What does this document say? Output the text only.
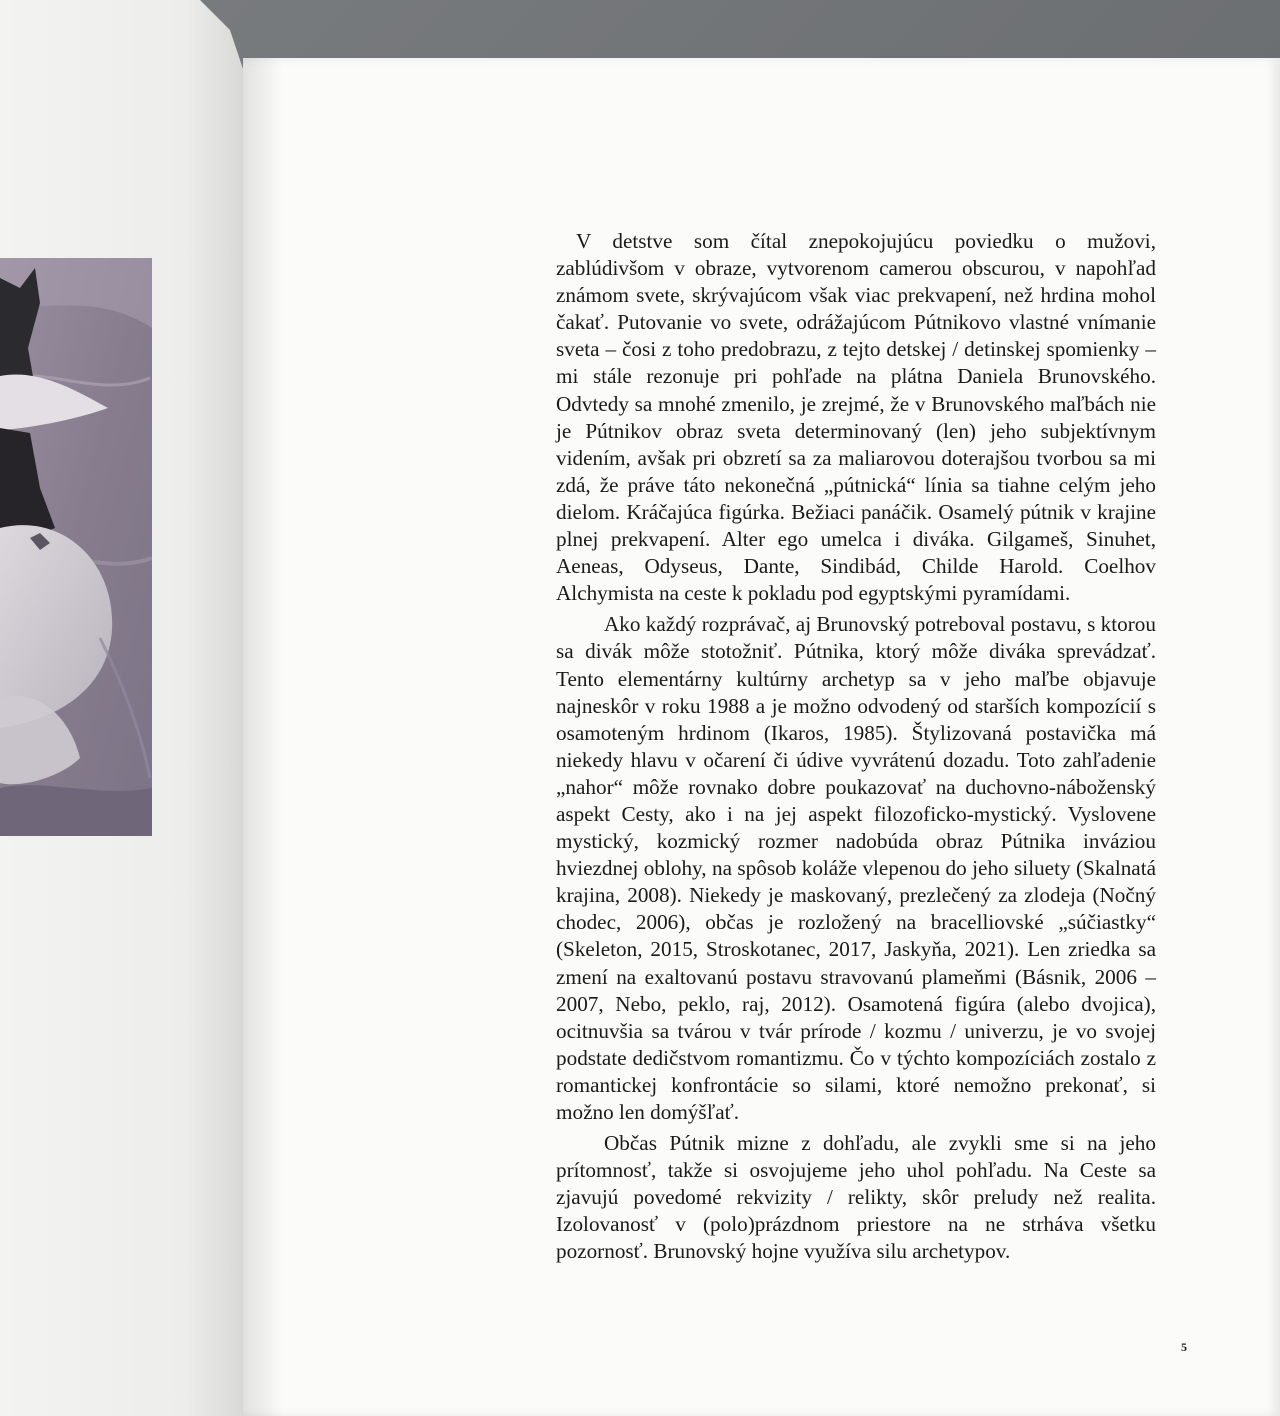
V detstve som čítal znepokojujúcu poviedku o mužovi, zablúdivšom v obraze, vytvorenom camerou obscurou, v napohľad známom svete, skrývajúcom však viac prekvapení, než hrdina mohol čakať. Putovanie vo svete, odrážajúcom Pútnikovo vlastné vnímanie sveta – čosi z toho predobrazu, z tejto detskej / detinskej spomienky – mi stále rezonuje pri pohľade na plátna Daniela Brunovského. Odvtedy sa mnohé zmenilo, je zrejmé, že v Brunovského maľbách nie je Pútnikov obraz sveta determinovaný (len) jeho subjektívnym videním, avšak pri obzretí sa za maliarovou doterajšou tvorbou sa mi zdá, že práve táto nekonečná „pútnická“ línia sa tiahne celým jeho dielom. Kráčajúca figúrka. Bežiaci panáčik. Osamelý pútnik v krajine plnej prekvapení. Alter ego umelca i diváka. Gilgameš, Sinuhet, Aeneas, Odyseus, Dante, Sindibád, Childe Harold. Coelhov Alchymista na ceste k pokladu pod egyptskými pyramídami.

Ako každý rozprávač, aj Brunovský potreboval postavu, s ktorou sa divák môže stotožniť. Pútnika, ktorý môže diváka sprevádzať. Tento elementárny kultúrny archetyp sa v jeho maľbe objavuje najneskôr v roku 1988 a je možno odvodený od starších kompozícií s osamoteným hrdinom (Ikaros, 1985). Štylizovaná postavička má niekedy hlavu v očarení či údive vyvrátenú dozadu. Toto zahľadenie „nahor“ môže rovnako dobre poukazovať na duchovno-náboženský aspekt Cesty, ako i na jej aspekt filozoficko-mystický. Vyslovene mystický, kozmický rozmer nadobúda obraz Pútnika inváziou hviezdnej oblohy, na spôsob koláže vlepenou do jeho siluety (Skalnatá krajina, 2008). Niekedy je maskovaný, prezlečený za zlodeja (Nočný chodec, 2006), občas je rozložený na bracelliovské „súčiastky“ (Skeleton, 2015, Stroskotanec, 2017, Jaskyňa, 2021). Len zriedka sa zmení na exaltovanú postavu stravovanú plameňmi (Básnik, 2006 – 2007, Nebo, peklo, raj, 2012). Osamotená figúra (alebo dvojica), ocitnuvšia sa tvárou v tvár prírode / kozmu / univerzu, je vo svojej podstate dedičstvom romantizmu. Čo v týchto kompozíciách zostalo z romantickej konfrontácie so silami, ktoré nemožno prekonať, si možno len domýšľať.

Občas Pútnik mizne z dohľadu, ale zvykli sme si na jeho prítomnosť, takže si osvojujeme jeho uhol pohľadu. Na Ceste sa zjavujú povedomé rekvizity / relikty, skôr preludy než realita. Izolovanosť v (polo)prázdnom priestore na ne strháva všetku pozornosť. Brunovský hojne využíva silu archetypov.

5
